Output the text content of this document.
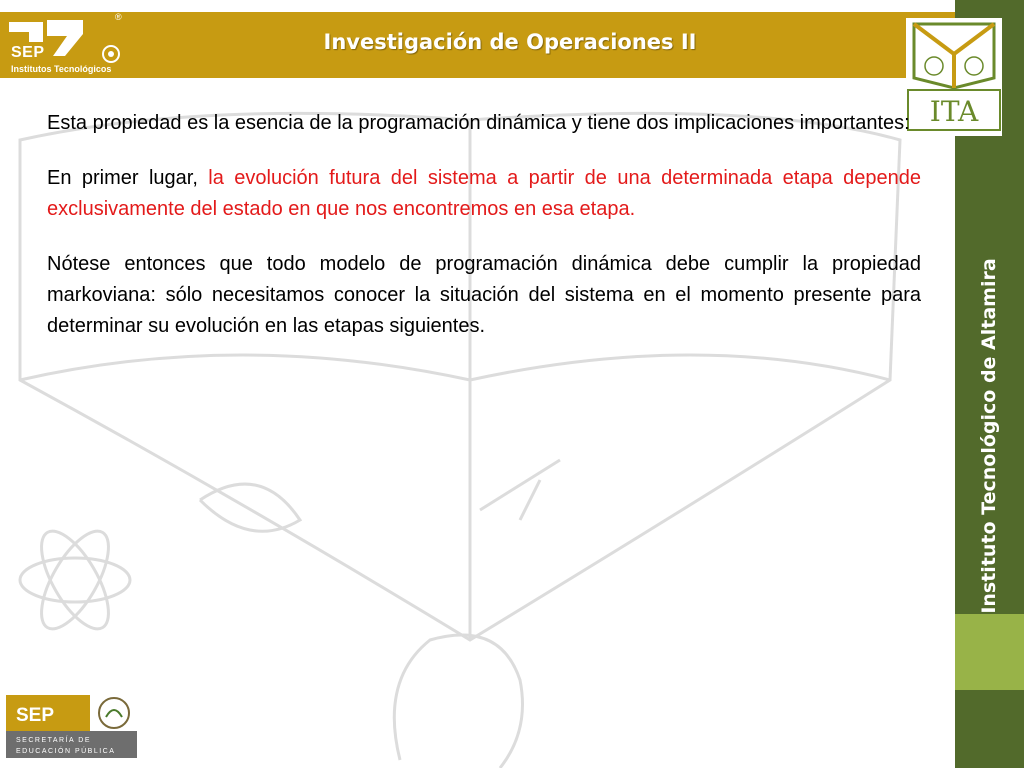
SEP
Institutos Tecnológicos
®
Investigación de Operaciones II
Instituto Tecnológico de Altamira
ITA

Esta propiedad es la esencia de la programación dinámica y tiene dos implicaciones importantes:

En primer lugar, la evolución futura del sistema a partir de una determinada etapa depende exclusivamente del estado en que nos encontremos en esa etapa.

Nótese entonces que todo modelo de programación dinámica debe cumplir la propiedad markoviana: sólo necesitamos conocer la situación del sistema en el momento presente para determinar su evolución en las etapas siguientes.

SEP
SECRETARÍA DE
EDUCACIÓN PÚBLICA
